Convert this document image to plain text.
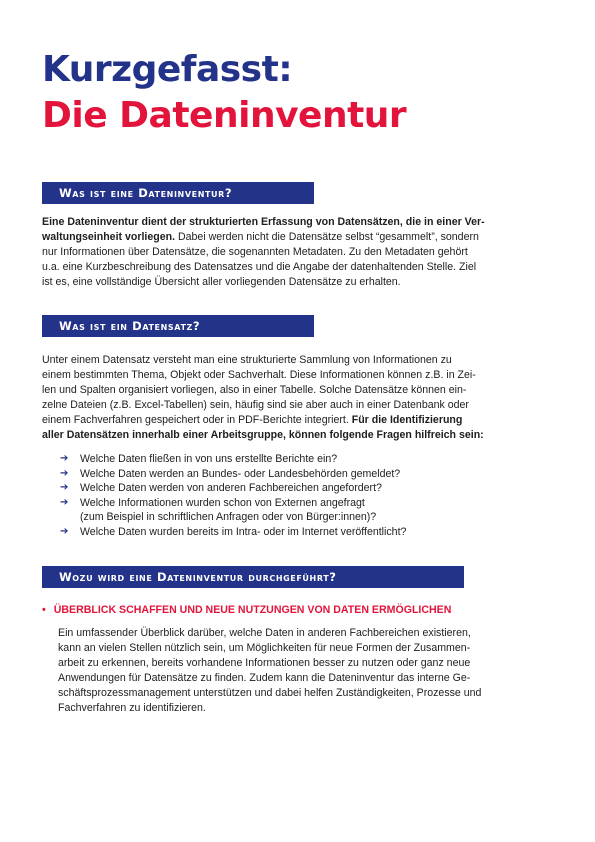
Kurzgefasst:
Die Dateninventur
Was ist eine Dateninventur?
Eine Dateninventur dient der strukturierten Erfassung von Datensätzen, die in einer Ver-
waltungseinheit vorliegen. Dabei werden nicht die Datensätze selbst “gesammelt”, sondern
nur Informationen über Datensätze, die sogenannten Metadaten. Zu den Metadaten gehört
u.a. eine Kurzbeschreibung des Datensatzes und die Angabe der datenhaltenden Stelle. Ziel
ist es, eine vollständige Übersicht aller vorliegenden Datensätze zu erhalten.
Was ist ein Datensatz?
Unter einem Datensatz versteht man eine strukturierte Sammlung von Informationen zu
einem bestimmten Thema, Objekt oder Sachverhalt. Diese Informationen können z.B. in Zei-
len und Spalten organisiert vorliegen, also in einer Tabelle. Solche Datensätze können ein-
zelne Dateien (z.B. Excel-Tabellen) sein, häufig sind sie aber auch in einer Datenbank oder
einem Fachverfahren gespeichert oder in PDF-Berichte integriert. Für die Identifizierung
aller Datensätzen innerhalb einer Arbeitsgruppe, können folgende Fragen hilfreich sein:
➔ Welche Daten fließen in von uns erstellte Berichte ein?
➔ Welche Daten werden an Bundes- oder Landesbehörden gemeldet?
➔ Welche Daten werden von anderen Fachbereichen angefordert?
➔ Welche Informationen wurden schon von Externen angefragt
(zum Beispiel in schriftlichen Anfragen oder von Bürger:innen)?
➔ Welche Daten wurden bereits im Intra- oder im Internet veröffentlicht?
Wozu wird eine Dateninventur durchgeführt?
• ÜBERBLICK SCHAFFEN UND NEUE NUTZUNGEN VON DATEN ERMÖGLICHEN
Ein umfassender Überblick darüber, welche Daten in anderen Fachbereichen existieren,
kann an vielen Stellen nützlich sein, um Möglichkeiten für neue Formen der Zusammen-
arbeit zu erkennen, bereits vorhandene Informationen besser zu nutzen oder ganz neue
Anwendungen für Datensätze zu finden. Zudem kann die Dateninventur das interne Ge-
schäftsprozessmanagement unterstützen und dabei helfen Zuständigkeiten, Prozesse und
Fachverfahren zu identifizieren.
